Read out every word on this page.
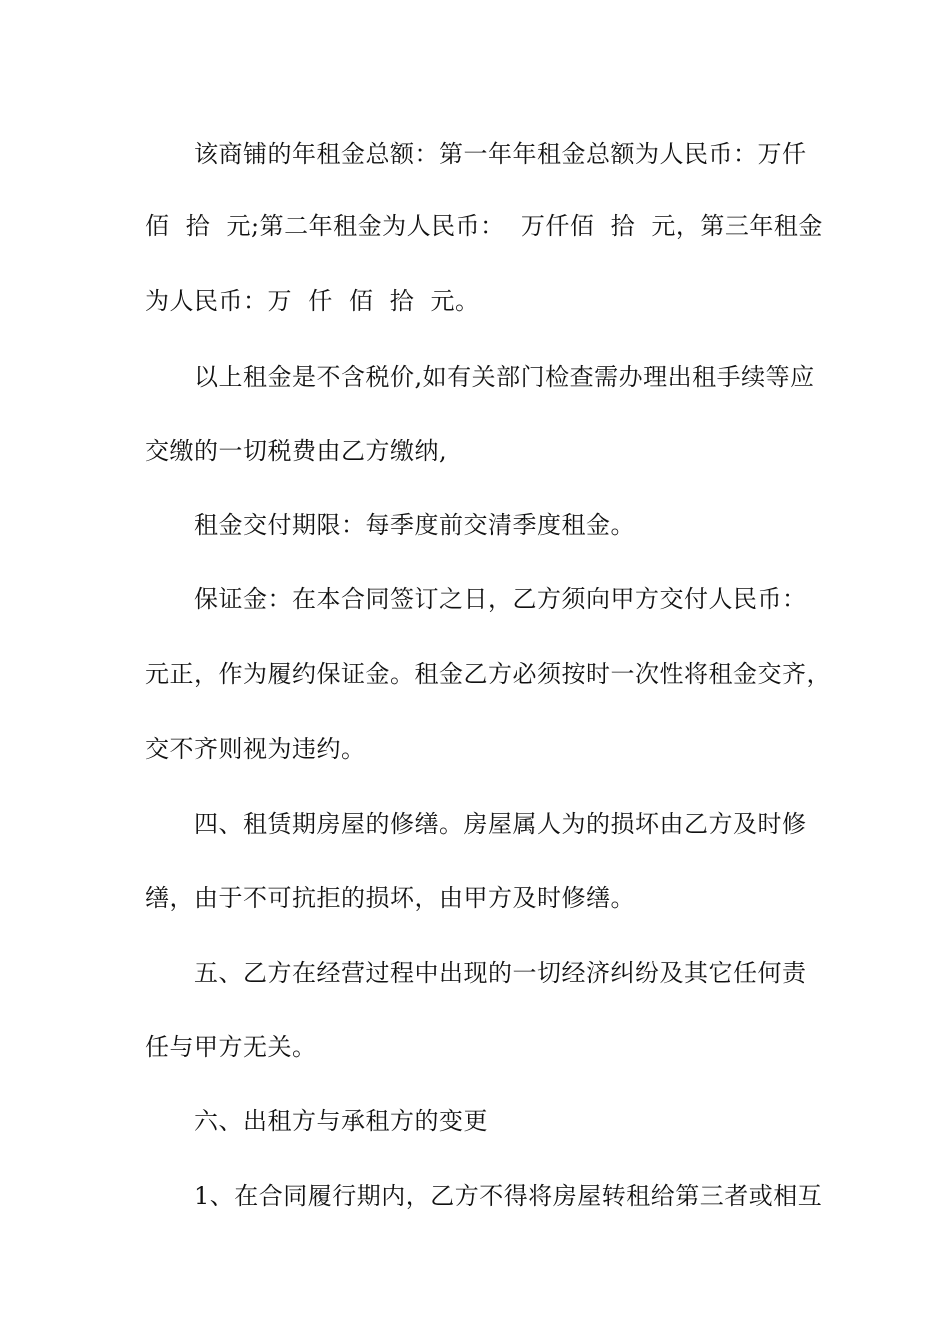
　　该商铺的年租金总额：第一年年租金总额为人民币：万仟

佰  拾  元;第二年租金为人民币：  万仟佰  拾  元，第三年租金

为人民币：万  仟  佰  拾  元。

　　以上租金是不含税价,如有关部门检查需办理出租手续等应

交缴的一切税费由乙方缴纳,

　　租金交付期限：每季度前交清季度租金。

　　保证金：在本合同签订之日，乙方须向甲方交付人民币：

元正，作为履约保证金。租金乙方必须按时一次性将租金交齐，

交不齐则视为违约。

　　四、租赁期房屋的修缮。房屋属人为的损坏由乙方及时修

缮，由于不可抗拒的损坏，由甲方及时修缮。

　　五、乙方在经营过程中出现的一切经济纠纷及其它任何责

任与甲方无关。

　　六、出租方与承租方的变更

　　1、在合同履行期内，乙方不得将房屋转租给第三者或相互
